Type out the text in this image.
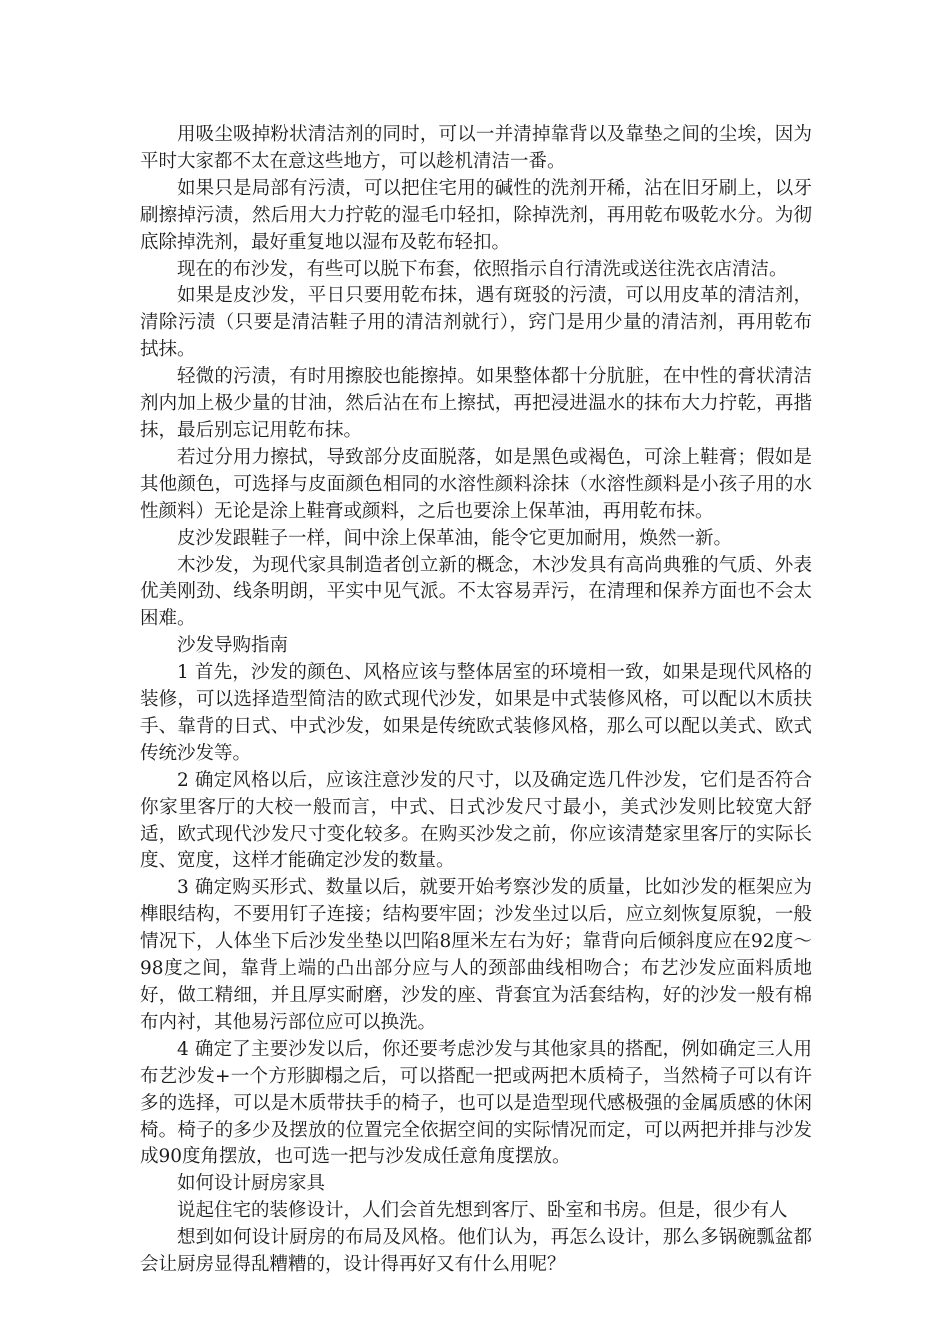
用吸尘吸掉粉状清洁剂的同时，可以一并清掉靠背以及靠垫之间的尘埃，因为平时大家都不太在意这些地方，可以趁机清洁一番。

如果只是局部有污渍，可以把住宅用的碱性的洗剂开稀，沾在旧牙刷上，以牙刷擦掉污渍，然后用大力拧乾的湿毛巾轻扣，除掉洗剂，再用乾布吸乾水分。为彻底除掉洗剂，最好重复地以湿布及乾布轻扣。

现在的布沙发，有些可以脱下布套，依照指示自行清洗或送往洗衣店清洁。

如果是皮沙发，平日只要用乾布抹，遇有斑驳的污渍，可以用皮革的清洁剂，清除污渍（只要是清洁鞋子用的清洁剂就行），窍门是用少量的清洁剂，再用乾布拭抹。

轻微的污渍，有时用擦胶也能擦掉。如果整体都十分肮脏，在中性的膏状清洁剂内加上极少量的甘油，然后沾在布上擦拭，再把浸进温水的抹布大力拧乾，再揩抹，最后别忘记用乾布抹。

若过分用力擦拭，导致部分皮面脱落，如是黑色或褐色，可涂上鞋膏；假如是其他颜色，可选择与皮面颜色相同的水溶性颜料涂抹（水溶性颜料是小孩子用的水性颜料）无论是涂上鞋膏或颜料，之后也要涂上保革油，再用乾布抹。

皮沙发跟鞋子一样，间中涂上保革油，能令它更加耐用，焕然一新。

木沙发，为现代家具制造者创立新的概念，木沙发具有高尚典雅的气质、外表优美刚劲、线条明朗，平实中见气派。不太容易弄污，在清理和保养方面也不会太困难。

沙发导购指南

1 首先，沙发的颜色、风格应该与整体居室的环境相一致，如果是现代风格的装修，可以选择造型简洁的欧式现代沙发，如果是中式装修风格，可以配以木质扶手、靠背的日式、中式沙发，如果是传统欧式装修风格，那么可以配以美式、欧式传统沙发等。

2 确定风格以后，应该注意沙发的尺寸，以及确定选几件沙发，它们是否符合你家里客厅的大校一般而言，中式、日式沙发尺寸最小，美式沙发则比较宽大舒适，欧式现代沙发尺寸变化较多。在购买沙发之前，你应该清楚家里客厅的实际长度、宽度，这样才能确定沙发的数量。

3 确定购买形式、数量以后，就要开始考察沙发的质量，比如沙发的框架应为榫眼结构，不要用钉子连接；结构要牢固；沙发坐过以后，应立刻恢复原貌，一般情况下，人体坐下后沙发坐垫以凹陷8厘米左右为好；靠背向后倾斜度应在92度～98度之间，靠背上端的凸出部分应与人的颈部曲线相吻合；布艺沙发应面料质地好，做工精细，并且厚实耐磨，沙发的座、背套宜为活套结构，好的沙发一般有棉布内衬，其他易污部位应可以换洗。

4 确定了主要沙发以后，你还要考虑沙发与其他家具的搭配，例如确定三人用布艺沙发+一个方形脚榻之后，可以搭配一把或两把木质椅子，当然椅子可以有许多的选择，可以是木质带扶手的椅子，也可以是造型现代感极强的金属质感的休闲椅。椅子的多少及摆放的位置完全依据空间的实际情况而定，可以两把并排与沙发成90度角摆放，也可选一把与沙发成任意角度摆放。

如何设计厨房家具

说起住宅的装修设计，人们会首先想到客厅、卧室和书房。但是，很少有人

想到如何设计厨房的布局及风格。他们认为，再怎么设计，那么多锅碗瓢盆都会让厨房显得乱糟糟的，设计得再好又有什么用呢？
